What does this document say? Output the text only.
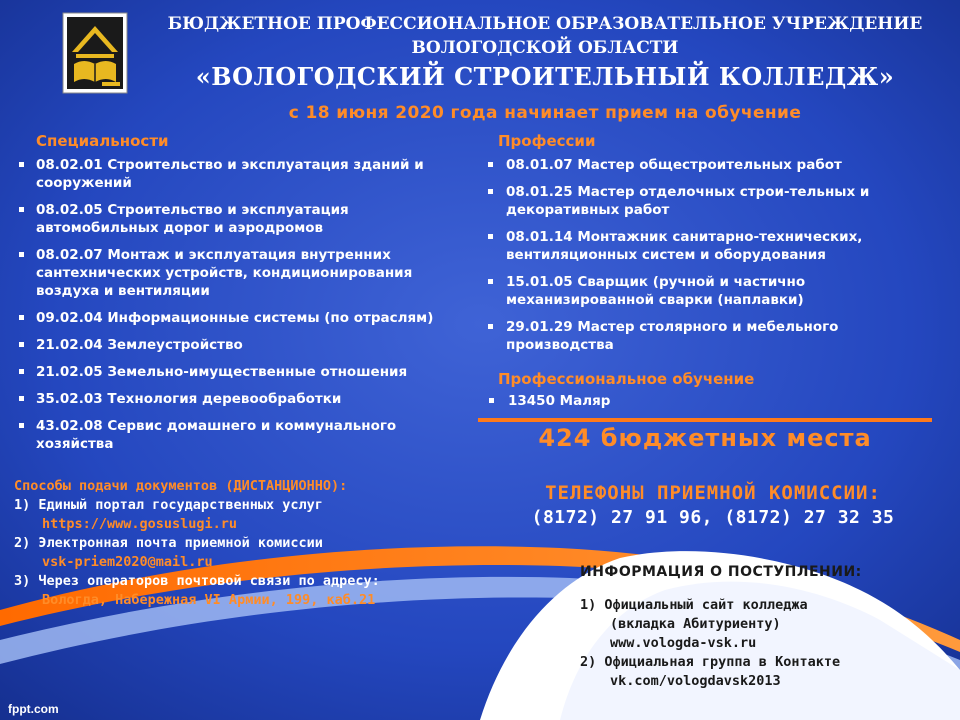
БЮДЖЕТНОЕ ПРОФЕССИОНАЛЬНОЕ ОБРАЗОВАТЕЛЬНОЕ УЧРЕЖДЕНИЕ
ВОЛОГОДСКОЙ ОБЛАСТИ
«ВОЛОГОДСКИЙ СТРОИТЕЛЬНЫЙ КОЛЛЕДЖ»
с 18 июня 2020 года начинает прием на обучение
Специальности
08.02.01 Строительство и эксплуатация зданий и сооружений
08.02.05 Строительство и эксплуатация автомобильных дорог и аэродромов
08.02.07 Монтаж и эксплуатация внутренних сантехнических устройств, кондиционирования воздуха и вентиляции
09.02.04 Информационные системы (по отраслям)
21.02.04 Землеустройство
21.02.05 Земельно-имущественные отношения
35.02.03 Технология деревообработки
43.02.08 Сервис домашнего и коммунального хозяйства
Профессии
08.01.07 Мастер общестроительных работ
08.01.25 Мастер отделочных строи-тельных и декоративных работ
08.01.14 Монтажник санитарно-технических, вентиляционных систем и оборудования
15.01.05 Сварщик (ручной и частично механизированной сварки (наплавки)
29.01.29 Мастер столярного и мебельного производства
Профессиональное обучение
13450 Маляр
424 бюджетных места
Способы подачи документов (ДИСТАНЦИОННО):
1) Единый портал государственных услуг
https://www.gosuslugi.ru
2) Электронная почта приемной комиссии
vsk-priem2020@mail.ru
3) Через операторов почтовой связи по адресу:
Вологда, Набережная VI Армии, 199, каб.21
ТЕЛЕФОНЫ ПРИЕМНОЙ КОМИССИИ:
(8172) 27 91 96, (8172) 27 32 35
ИНФОРМАЦИЯ О ПОСТУПЛЕНИИ:
1) Официальный сайт колледжа
(вкладка Абитуриенту)
www.vologda-vsk.ru
2) Официальная группа в Контакте
vk.com/vologdavsk2013
fppt.com
